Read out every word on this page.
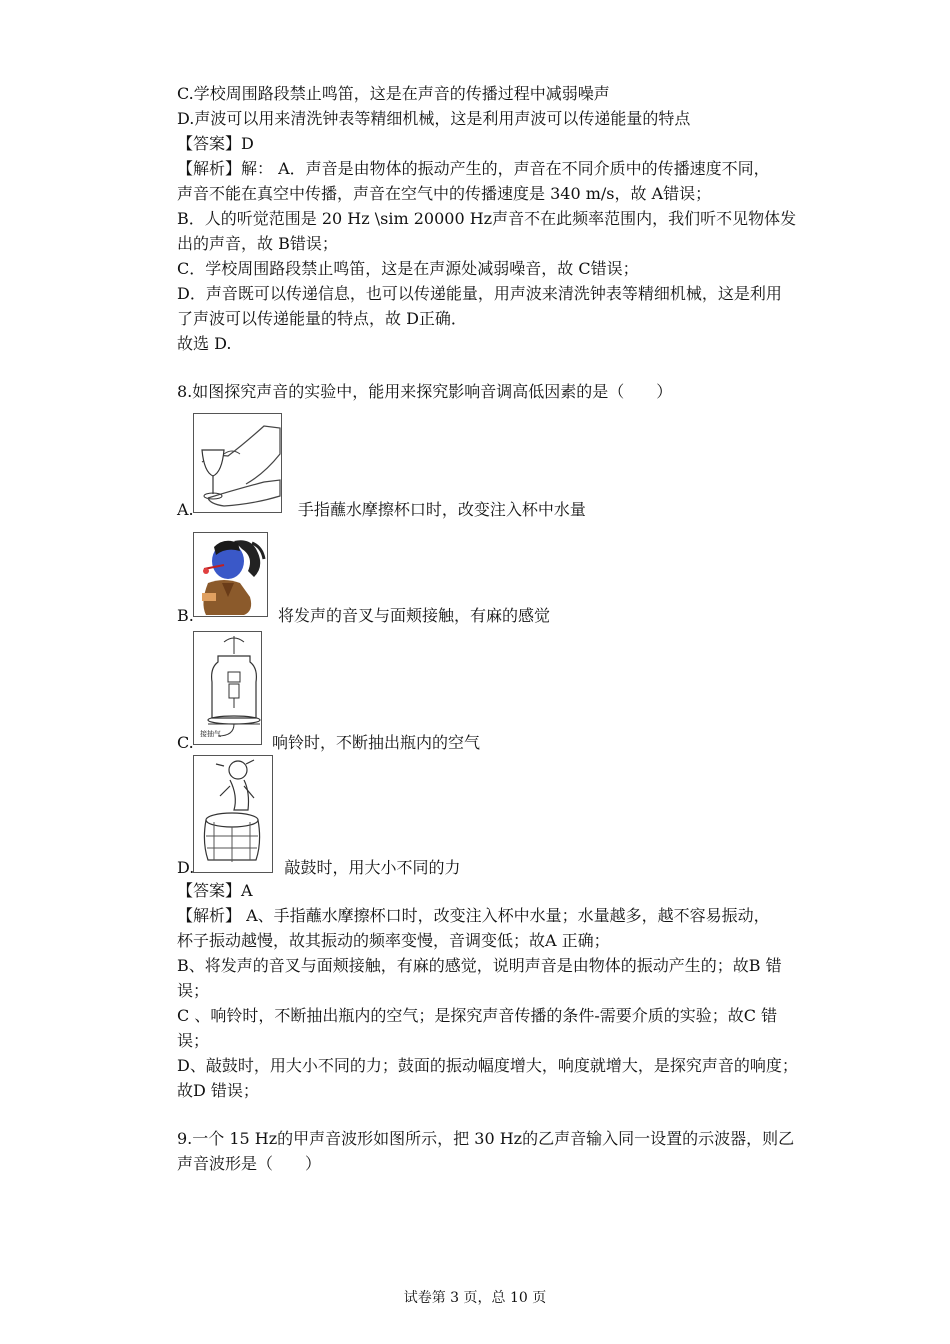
C.学校周围路段禁止鸣笛，这是在声音的传播过程中减弱噪声
D.声波可以用来清洗钟表等精细机械，这是利用声波可以传递能量的特点
【答案】D
【解析】解： A．声音是由物体的振动产生的，声音在不同介质中的传播速度不同，
声音不能在真空中传播，声音在空气中的传播速度是 340 m/s，故 A错误；
B．人的听觉范围是 20 Hz \sim 20000 Hz声音不在此频率范围内，我们听不见物体发
出的声音，故 B错误；
C．学校周围路段禁止鸣笛，这是在声源处减弱噪音，故 C错误；
D．声音既可以传递信息，也可以传递能量，用声波来清洗钟表等精细机械，这是利用
了声波可以传递能量的特点，故 D正确．
故选 D.
8.如图探究声音的实验中，能用来探究影响音调高低因素的是（　　）
A.	手指蘸水摩擦杯口时，改变注入杯中水量
B.	将发声的音叉与面颊接触，有麻的感觉
接抽气
C.	响铃时，不断抽出瓶内的空气
D.	敲鼓时，用大小不同的力
【答案】A
【解析】 A、手指蘸水摩擦杯口时，改变注入杯中水量；水量越多，越不容易振动，
杯子振动越慢，故其振动的频率变慢，音调变低；故A 正确；
B、将发声的音叉与面颊接触，有麻的感觉，说明声音是由物体的振动产生的；故B 错
误；
C 、响铃时，不断抽出瓶内的空气；是探究声音传播的条件-需要介质的实验；故C 错
误；
D、敲鼓时，用大小不同的力；鼓面的振动幅度增大，响度就增大，是探究声音的响度；
故D 错误；
9.一个 15 Hz的甲声音波形如图所示，把 30 Hz的乙声音输入同一设置的示波器，则乙
声音波形是（　　）
试卷第 3 页，总 10 页
